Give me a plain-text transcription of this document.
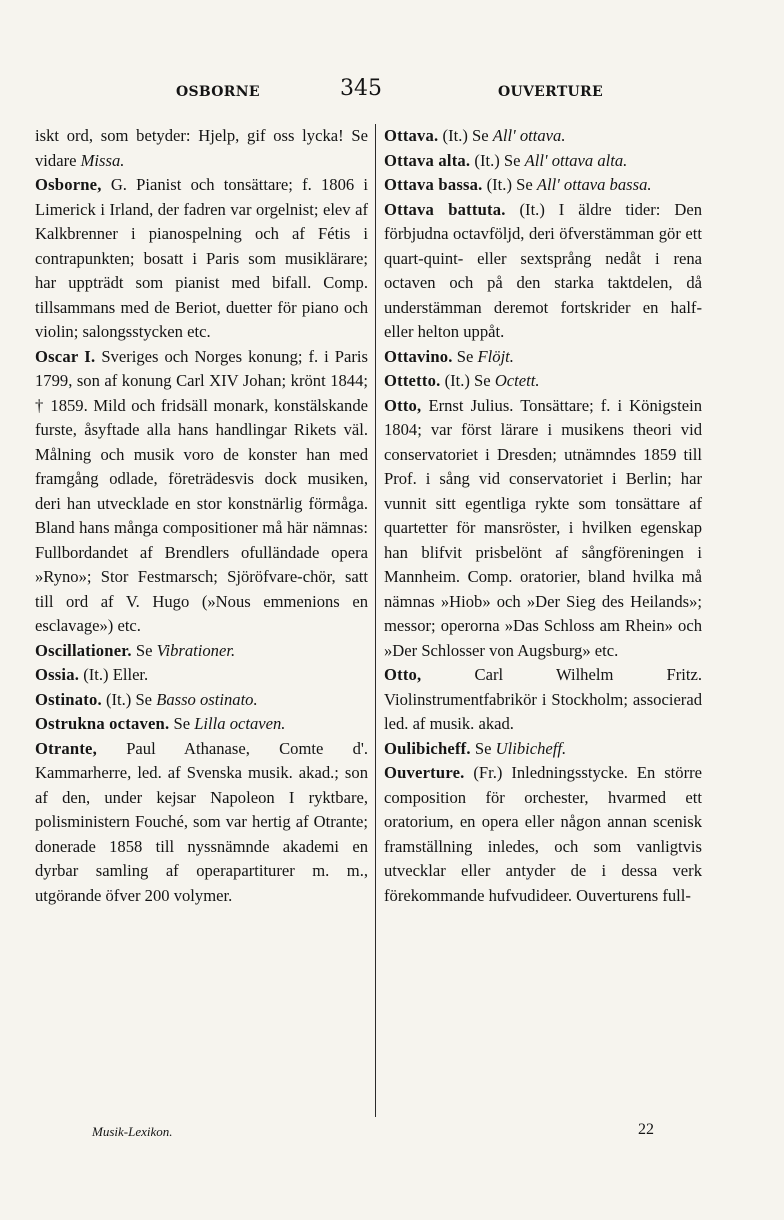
OSBORNE	345	OUVERTURE

iskt ord, som betyder: Hjelp, gif oss lycka! Se vidare Missa.

Osborne, G. Pianist och tonsättare; f. 1806 i Limerick i Irland, der fadren var orgelnist; elev af Kalkbrenner i pianospelning och af Fétis i contrapunkten; bosatt i Paris som musiklärare; har uppträdt som pianist med bifall. Comp. tillsammans med de Beriot, duetter för piano och violin; salongsstycken etc.

Oscar I. Sveriges och Norges konung; f. i Paris 1799, son af konung Carl XIV Johan; krönt 1844; † 1859. Mild och fridsäll monark, konstälskande furste, åsyftade alla hans handlingar Rikets väl. Målning och musik voro de konster han med framgång odlade, företrädesvis dock musiken, deri han utvecklade en stor konstnärlig förmåga. Bland hans många compositioner må här nämnas: Fullbordandet af Brendlers ofulländade opera »Ryno»; Stor Festmarsch; Sjöröfvare-chör, satt till ord af V. Hugo (»Nous emmenions en esclavage») etc.

Oscillationer. Se Vibrationer.

Ossia. (It.) Eller.

Ostinato. (It.) Se Basso ostinato.

Ostrukna octaven. Se Lilla octaven.

Otrante, Paul Athanase, Comte d'. Kammarherre, led. af Svenska musik. akad.; son af den, under kejsar Napoleon I ryktbare, polisministern Fouché, som var hertig af Otrante; donerade 1858 till nyssnämnde akademi en dyrbar samling af operapartiturer m. m., utgörande öfver 200 volymer.

Ottava. (It.) Se All' ottava.

Ottava alta. (It.) Se All' ottava alta.

Ottava bassa. (It.) Se All' ottava bassa.

Ottava battuta. (It.) I äldre tider: Den förbjudna octavföljd, deri öfverstämman gör ett quart-quint- eller sextsprång nedåt i rena octaven och på den starka taktdelen, då understämman deremot fortskrider en half- eller helton uppåt.

Ottavino. Se Flöjt.

Ottetto. (It.) Se Octett.

Otto, Ernst Julius. Tonsättare; f. i Königstein 1804; var först lärare i musikens theori vid conservatoriet i Dresden; utnämndes 1859 till Prof. i sång vid conservatoriet i Berlin; har vunnit sitt egentliga rykte som tonsättare af quartetter för mansröster, i hvilken egenskap han blifvit prisbelönt af sångföreningen i Mannheim. Comp. oratorier, bland hvilka må nämnas »Hiob» och »Der Sieg des Heilands»; messor; operorna »Das Schloss am Rhein» och »Der Schlosser von Augsburg» etc.

Otto, Carl Wilhelm Fritz. Violinstrumentfabrikör i Stockholm; associerad led. af musik. akad.

Oulibicheff. Se Ulibicheff.

Ouverture. (Fr.) Inledningsstycke. En större composition för orchester, hvarmed ett oratorium, en opera eller någon annan scenisk framställning inledes, och som vanligtvis utvecklar eller antyder de i dessa verk förekommande hufvudideer. Ouverturens full-

Musik-Lexikon.	22
